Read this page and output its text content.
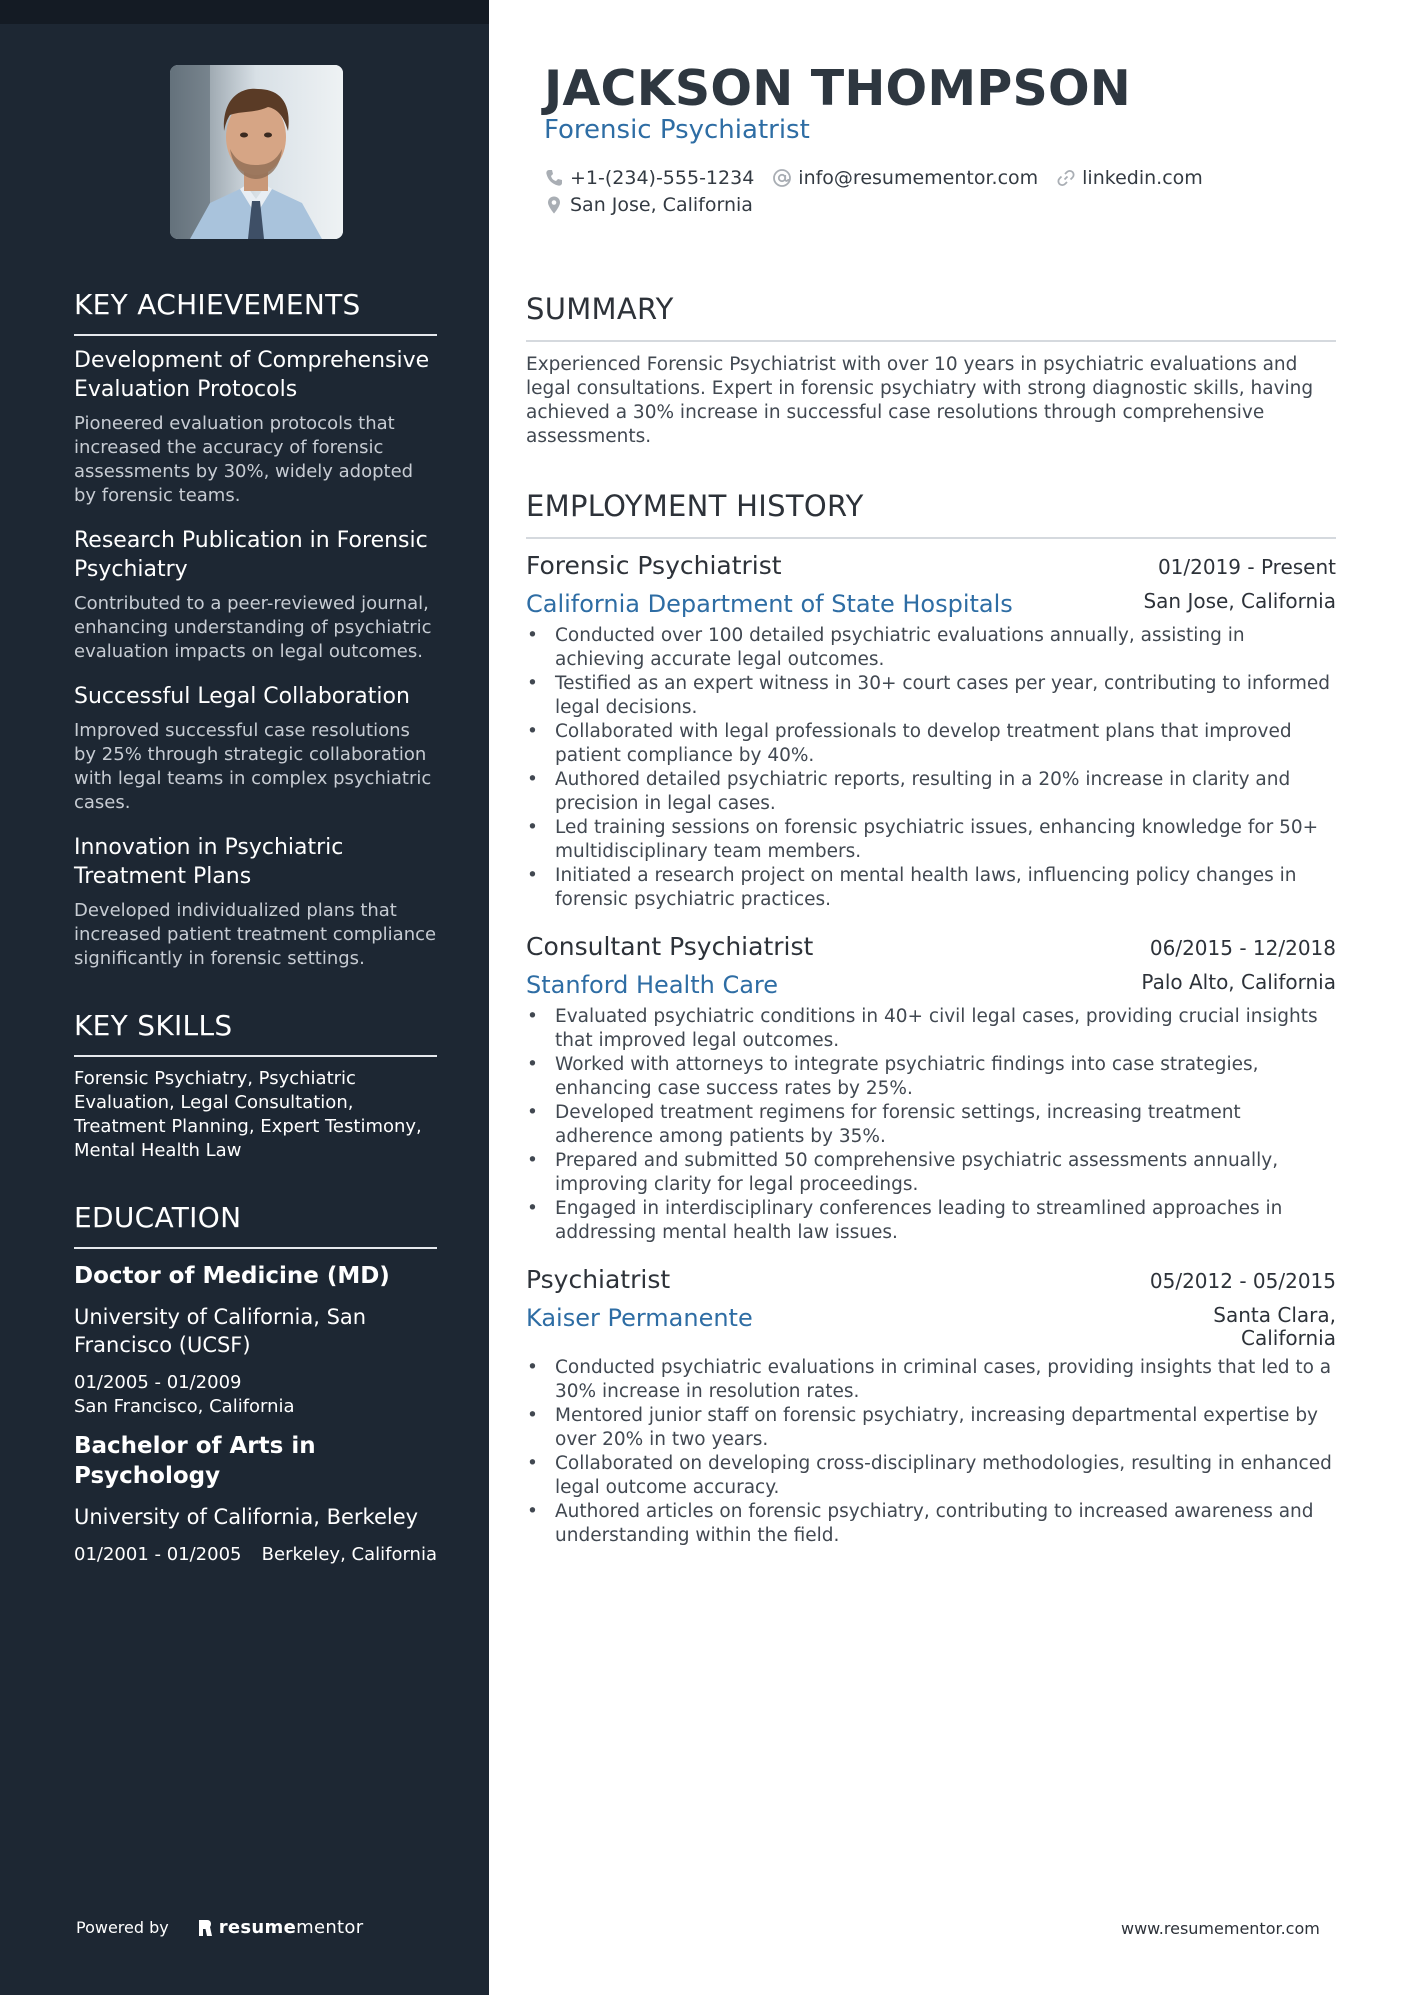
KEY ACHIEVEMENTS
Development of Comprehensive Evaluation Protocols
Pioneered evaluation protocols that increased the accuracy of forensic assessments by 30%, widely adopted by forensic teams.
Research Publication in Forensic Psychiatry
Contributed to a peer-reviewed journal, enhancing understanding of psychiatric evaluation impacts on legal outcomes.
Successful Legal Collaboration
Improved successful case resolutions by 25% through strategic collaboration with legal teams in complex psychiatric cases.
Innovation in Psychiatric Treatment Plans
Developed individualized plans that increased patient treatment compliance significantly in forensic settings.
KEY SKILLS
Forensic Psychiatry, Psychiatric Evaluation, Legal Consultation, Treatment Planning, Expert Testimony, Mental Health Law
EDUCATION
Doctor of Medicine (MD)
University of California, San Francisco (UCSF)
01/2005 - 01/2009
San Francisco, California
Bachelor of Arts in Psychology
University of California, Berkeley
01/2001 - 01/2005 Berkeley, California
Powered by	resume mentor
JACKSON THOMPSON
Forensic Psychiatrist
+1-(234)-555-1234 info@resumementor.com linkedin.com
San Jose, California
SUMMARY
Experienced Forensic Psychiatrist with over 10 years in psychiatric evaluations and legal consultations. Expert in forensic psychiatry with strong diagnostic skills, having achieved a 30% increase in successful case resolutions through comprehensive assessments.
EMPLOYMENT HISTORY
Forensic Psychiatrist	01/2019 - Present
California Department of State Hospitals	San Jose, California
• Conducted over 100 detailed psychiatric evaluations annually, assisting in achieving accurate legal outcomes.
• Testified as an expert witness in 30+ court cases per year, contributing to informed legal decisions.
• Collaborated with legal professionals to develop treatment plans that improved patient compliance by 40%.
• Authored detailed psychiatric reports, resulting in a 20% increase in clarity and precision in legal cases.
• Led training sessions on forensic psychiatric issues, enhancing knowledge for 50+ multidisciplinary team members.
• Initiated a research project on mental health laws, influencing policy changes in forensic psychiatric practices.
Consultant Psychiatrist	06/2015 - 12/2018
Stanford Health Care	Palo Alto, California
• Evaluated psychiatric conditions in 40+ civil legal cases, providing crucial insights that improved legal outcomes.
• Worked with attorneys to integrate psychiatric findings into case strategies, enhancing case success rates by 25%.
• Developed treatment regimens for forensic settings, increasing treatment adherence among patients by 35%.
• Prepared and submitted 50 comprehensive psychiatric assessments annually, improving clarity for legal proceedings.
• Engaged in interdisciplinary conferences leading to streamlined approaches in addressing mental health law issues.
Psychiatrist	05/2012 - 05/2015
Kaiser Permanente	Santa Clara, California
• Conducted psychiatric evaluations in criminal cases, providing insights that led to a 30% increase in resolution rates.
• Mentored junior staff on forensic psychiatry, increasing departmental expertise by over 20% in two years.
• Collaborated on developing cross-disciplinary methodologies, resulting in enhanced legal outcome accuracy.
• Authored articles on forensic psychiatry, contributing to increased awareness and understanding within the field.
www.resumementor.com
